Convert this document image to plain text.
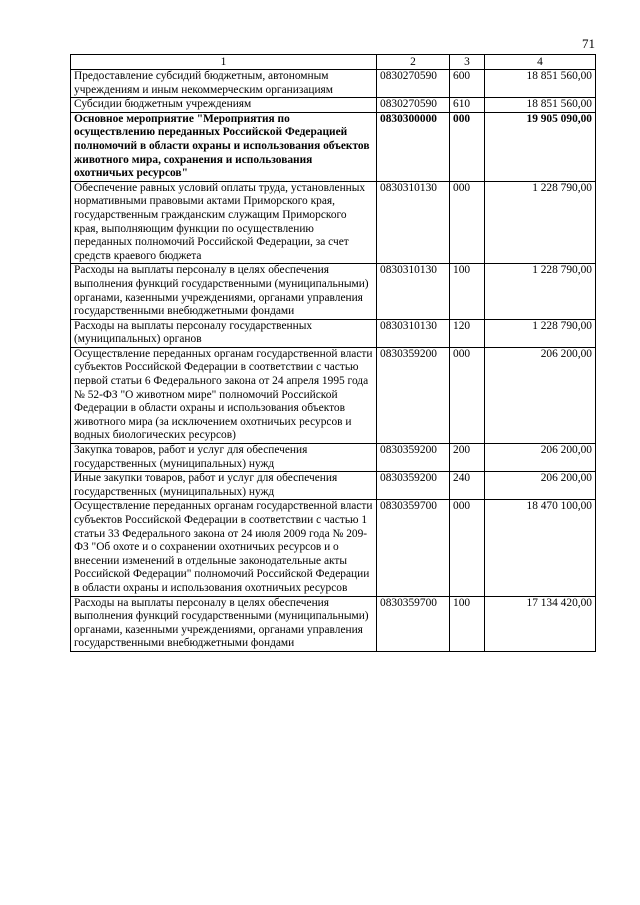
71
1	2	3	4
Предоставление субсидий бюджетным, автономным учреждениям и иным некоммерческим организациям	0830270590	600	18 851 560,00
Субсидии бюджетным учреждениям	0830270590	610	18 851 560,00
Основное мероприятие "Мероприятия по осуществлению переданных Российской Федерацией полномочий в области охраны и использования объектов животного мира, сохранения и использования охотничьих ресурсов"	0830300000	000	19 905 090,00
Обеспечение равных условий оплаты труда, установленных нормативными правовыми актами Приморского края, государственным гражданским служащим Приморского края, выполняющим функции по осуществлению переданных полномочий Российской Федерации, за счет средств краевого бюджета	0830310130	000	1 228 790,00
Расходы на выплаты персоналу в целях обеспечения выполнения функций государственными (муниципальными) органами, казенными учреждениями, органами управления государственными внебюджетными фондами	0830310130	100	1 228 790,00
Расходы на выплаты персоналу государственных (муниципальных) органов	0830310130	120	1 228 790,00
Осуществление переданных органам государственной власти субъектов Российской Федерации в соответствии с частью первой статьи 6 Федерального закона от 24 апреля 1995 года № 52-ФЗ "О животном мире" полномочий Российской Федерации в области охраны и использования объектов животного мира (за исключением охотничьих ресурсов и водных биологических ресурсов)	0830359200	000	206 200,00
Закупка товаров, работ и услуг для обеспечения государственных (муниципальных) нужд	0830359200	200	206 200,00
Иные закупки товаров, работ и услуг для обеспечения государственных (муниципальных) нужд	0830359200	240	206 200,00
Осуществление переданных органам государственной власти субъектов Российской Федерации в соответствии с частью 1 статьи 33 Федерального закона от 24 июля 2009 года № 209-ФЗ "Об охоте и о сохранении охотничьих ресурсов и о внесении изменений в отдельные законодательные акты Российской Федерации" полномочий Российской Федерации в области охраны и использования охотничьих ресурсов	0830359700	000	18 470 100,00
Расходы на выплаты персоналу в целях обеспечения выполнения функций государственными (муниципальными) органами, казенными учреждениями, органами управления государственными внебюджетными фондами	0830359700	100	17 134 420,00
